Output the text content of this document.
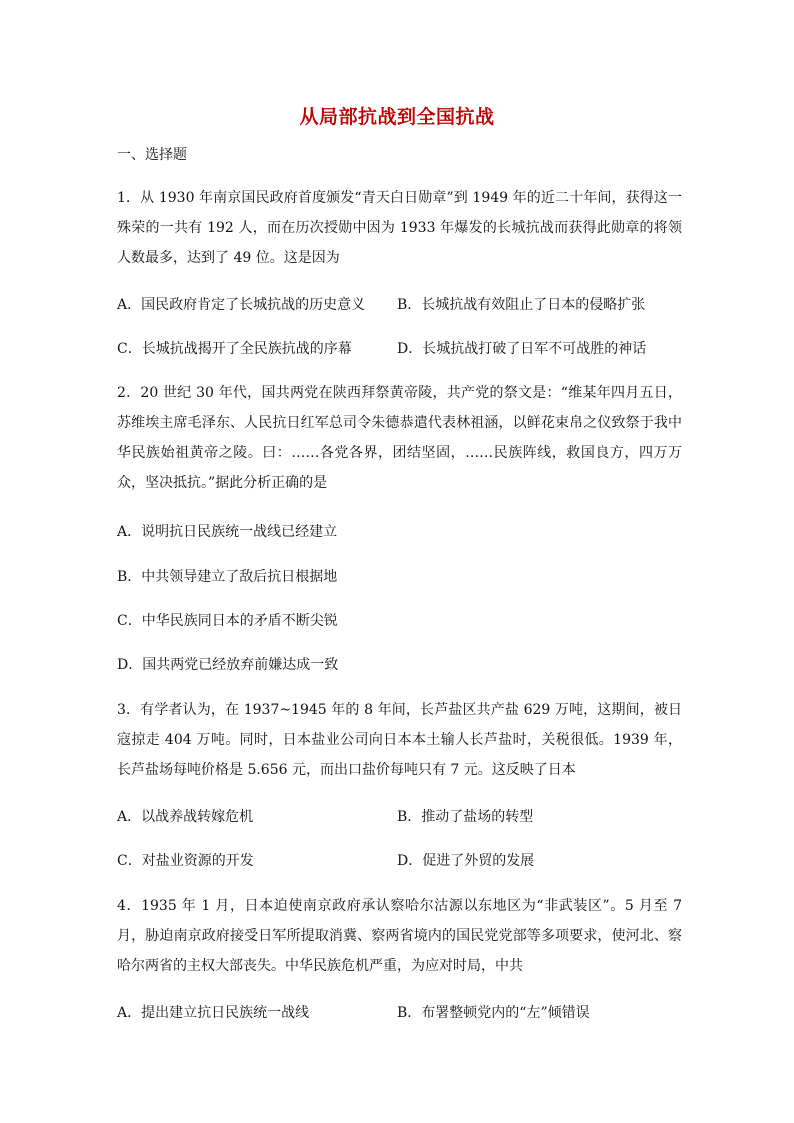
从局部抗战到全国抗战
一、选择题
1．从 1930 年南京国民政府首度颁发“青天白日勋章”到 1949 年的近二十年间，获得这一殊荣的一共有 192 人，而在历次授勋中因为 1933 年爆发的长城抗战而获得此勋章的将领人数最多，达到了 49 位。这是因为
A．国民政府肯定了长城抗战的历史意义 B．长城抗战有效阻止了日本的侵略扩张
C．长城抗战揭开了全民族抗战的序幕	D．长城抗战打破了日军不可战胜的神话
2．20 世纪 30 年代，国共两党在陕西拜祭黄帝陵，共产党的祭文是：“维某年四月五日，苏维埃主席毛泽东、人民抗日红军总司令朱德恭遣代表林祖涵，以鲜花束帛之仪致祭于我中华民族始祖黄帝之陵。曰：……各党各界，团结坚固，……民族阵线，救国良方，四万万众，坚决抵抗。”据此分析正确的是
A．说明抗日民族统一战线已经建立
B．中共领导建立了敌后抗日根据地
C．中华民族同日本的矛盾不断尖锐
D．国共两党已经放弃前嫌达成一致
3．有学者认为，在 1937~1945 年的 8 年间，长芦盐区共产盐 629 万吨，这期间，被日寇掠走 404 万吨。同时，日本盐业公司向日本本土输人长芦盐时，关税很低。1939 年，长芦盐场每吨价格是 5.656 元，而出口盐价每吨只有 7 元。这反映了日本
A．以战养战转嫁危机	B．推动了盐场的转型
C．对盐业资源的开发	D．促进了外贸的发展
4．1935 年 1 月，日本迫使南京政府承认察哈尔沽源以东地区为“非武装区”。5 月至 7 月，胁迫南京政府接受日军所提取消冀、察两省境内的国民党党部等多项要求，使河北、察哈尔两省的主权大部丧失。中华民族危机严重，为应对时局，中共
A．提出建立抗日民族统一战线	B．布署整顿党内的“左”倾错误
